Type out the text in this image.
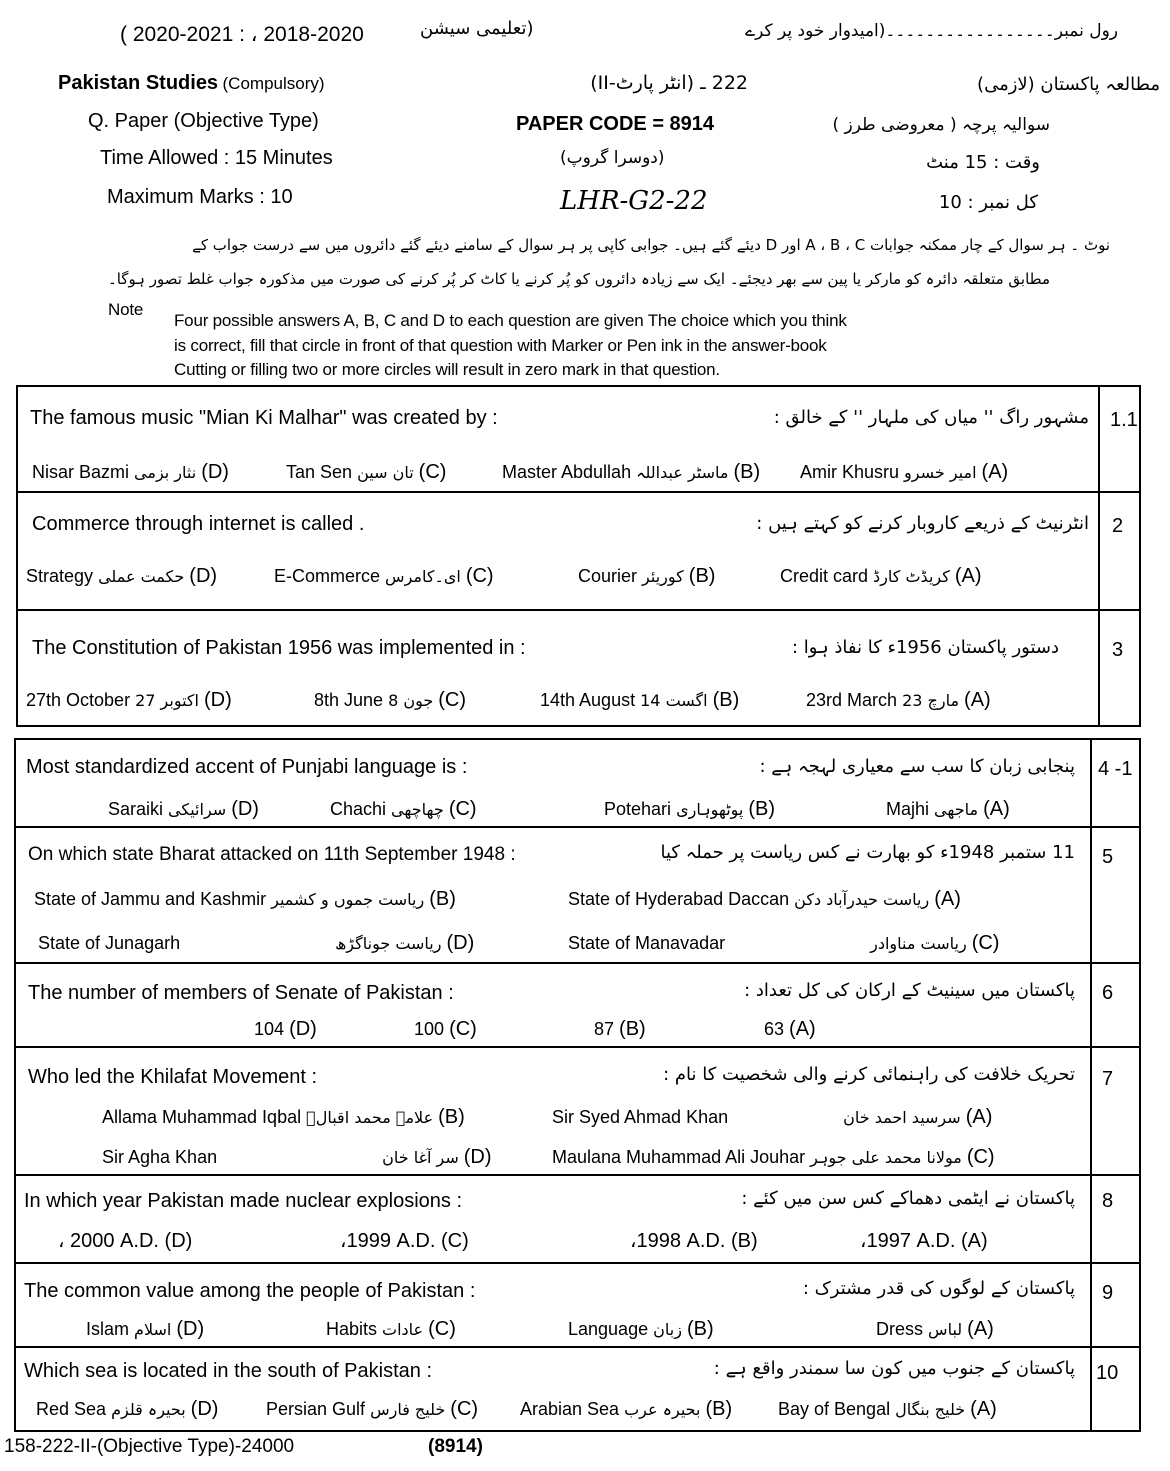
( 2020-2021 : ، 2018-2020	(تعلیمی سیشن	رول نمبر۔۔۔۔۔۔۔۔۔۔۔۔۔۔۔۔۔(امیدوار خود پر کرے
Pakistan Studies (Compulsory)
Q. Paper (Objective Type)
Time Allowed : 15 Minutes
Maximum Marks : 10
222 ـ (انٹر پارٹ-II)
PAPER CODE = 8914
(دوسرا گروپ)
LHR-G2-22
مطالعہ پاکستان (لازمی)
سوالیہ پرچہ ( معروضی طرز )
وقت : 15 منٹ
کل نمبر : 10
نوٹ ۔ ہر سوال کے چار ممکنہ جوابات A ، B ، C اور D دیئے گئے ہیں۔ جوابی کاپی پر ہر سوال کے سامنے دیئے گئے دائروں میں سے درست جواب کے
مطابق متعلقہ دائرہ کو مارکر یا پین سے بھر دیجئے۔ ایک سے زیادہ دائروں کو پُر کرنے یا کاٹ کر پُر کرنے کی صورت میں مذکورہ جواب غلط تصور ہوگا۔
Note
Four possible answers A, B, C and D to each question are given The choice which you think
is correct, fill that circle in front of that question with Marker or Pen ink in the answer-book
Cutting or filling two or more circles will result in zero mark in that question.
The famous music "Mian Ki Malhar" was created by :	مشہور راگ '' میاں کی ملہار '' کے خالق : 1.1
Nisar Bazmi نثار بزمی (D)	Tan Sen تان سین (C)	Master Abdullah ماسٹر عبداللہ (B) Amir Khusru امیر خسرو (A)
Commerce through internet is called .	انٹرنیٹ کے ذریعے کاروبار کرنے کو کہتے ہیں : 2
Strategy حکمت عملی (D)	E-Commerce ای۔کامرس (C)	Courier کوریئر (B)	Credit card کریڈٹ کارڈ (A)
The Constitution of Pakistan 1956 was implemented in :	دستور پاکستان 1956ء کا نفاذ ہوا :	3
27th October 27 اکتوبر (D)	8th June 8 جون (C)	14th August 14 اگست (B)	23rd March 23 مارچ (A)
Most standardized accent of Punjabi language is :	پنجابی زبان کا سب سے معیاری لہجہ ہے : 4 -1
Saraiki سرائیکی (D)	Chachi چھاچھی (C)	Potehari پوٹھوہاری (B)	Majhi ماجھی (A)
On which state Bharat attacked on 11th September 1948 :	11 ستمبر 1948ء کو بھارت نے کس ریاست پر حملہ کیا 5
State of Jammu and Kashmir ریاست جموں و کشمیر (B)	State of Hyderabad Daccan ریاست حیدرآباد دکن (A)
State of Junagarh	ریاست جوناگڑھ (D)	State of Manavadar	ریاست مناوادر (C)
The number of members of Senate of Pakistan :	پاکستان میں سینیٹ کے ارکان کی کل تعداد : 6
104 (D)	100 (C)	87 (B)	63 (A)
Who led the Khilafat Movement :	تحریک خلافت کی راہنمائی کرنے والی شخصیت کا نام : 7
Allama Muhammad Iqbal علامہ محمد اقبالؒ (B)	Sir Syed Ahmad Khan	سرسید احمد خان (A)
Sir Agha Khan	سر آغا خان (D)	Maulana Muhammad Ali Jouhar مولانا محمد علی جوہر (C)
In which year Pakistan made nuclear explosions :	پاکستان نے ایٹمی دھماکے کس سن میں کئے : 8
، 2000 A.D. (D)	،1999 A.D. (C)	،1998 A.D. (B)	،1997 A.D. (A)
The common value among the people of Pakistan :	پاکستان کے لوگوں کی قدر مشترک : 9
Islam اسلام (D)	Habits عادات (C)	Language زبان (B)	Dress لباس (A)
Which sea is located in the south of Pakistan :	پاکستان کے جنوب میں کون سا سمندر واقع ہے : 10
Red Sea بحیرہ قلزم (D)	Persian Gulf خلیج فارس (C) Arabian Sea بحیرہ عرب (B)	Bay of Bengal خلیج بنگال (A)
158-222-II-(Objective Type)-24000	(8914)
